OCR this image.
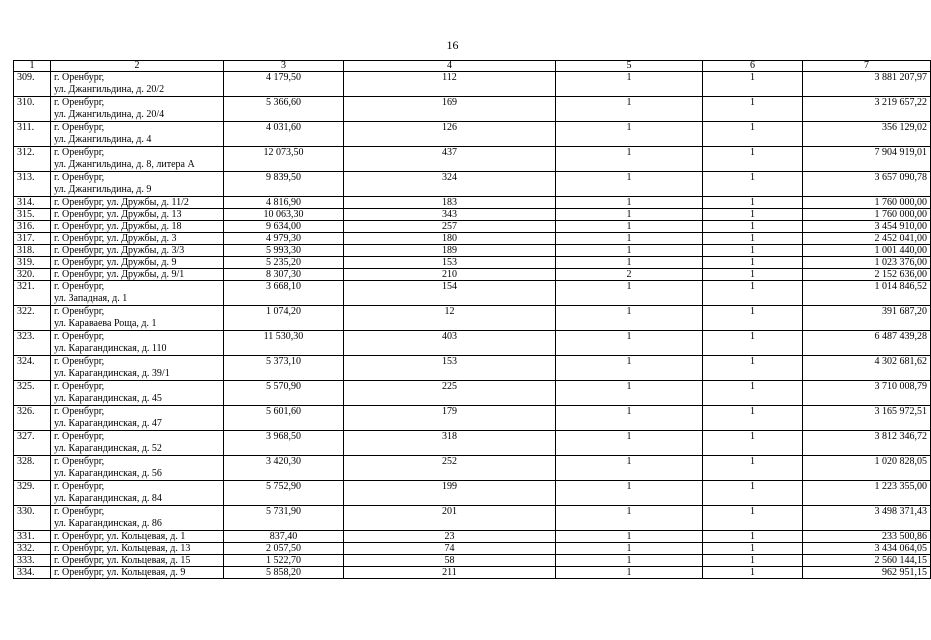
16
1	2	3	4	5	6	7
309.	г. Оренбург,
ул. Джангильдина, д. 20/2	4 179,50	112	1	1	3 881 207,97
310.	г. Оренбург,
ул. Джангильдина, д. 20/4	5 366,60	169	1	1	3 219 657,22
311.	г. Оренбург,
ул. Джангильдина, д. 4	4 031,60	126	1	1	356 129,02
312.	г. Оренбург,
ул. Джангильдина, д. 8, литера А	12 073,50	437	1	1	7 904 919,01
313.	г. Оренбург,
ул. Джангильдина, д. 9	9 839,50	324	1	1	3 657 090,78
314.	г. Оренбург, ул. Дружбы, д. 11/2	4 816,90	183	1	1	1 760 000,00
315.	г. Оренбург, ул. Дружбы, д. 13	10 063,30	343	1	1	1 760 000,00
316.	г. Оренбург, ул. Дружбы, д. 18	9 634,00	257	1	1	3 454 910,00
317.	г. Оренбург, ул. Дружбы, д. 3	4 979,30	180	1	1	2 452 041,00
318.	г. Оренбург, ул. Дружбы, д. 3/3	5 993,30	189	1	1	1 001 440,00
319.	г. Оренбург, ул. Дружбы, д. 9	5 235,20	153	1	1	1 023 376,00
320.	г. Оренбург, ул. Дружбы, д. 9/1	8 307,30	210	2	1	2 152 636,00
321.	г. Оренбург,
ул. Западная, д. 1	3 668,10	154	1	1	1 014 846,52
322.	г. Оренбург,
ул. Караваева Роща, д. 1	1 074,20	12	1	1	391 687,20
323.	г. Оренбург,
ул. Карагандинская, д. 110	11 530,30	403	1	1	6 487 439,28
324.	г. Оренбург,
ул. Карагандинская, д. 39/1	5 373,10	153	1	1	4 302 681,62
325.	г. Оренбург,
ул. Карагандинская, д. 45	5 570,90	225	1	1	3 710 008,79
326.	г. Оренбург,
ул. Карагандинская, д. 47	5 601,60	179	1	1	3 165 972,51
327.	г. Оренбург,
ул. Карагандинская, д. 52	3 968,50	318	1	1	3 812 346,72
328.	г. Оренбург,
ул. Карагандинская, д. 56	3 420,30	252	1	1	1 020 828,05
329.	г. Оренбург,
ул. Карагандинская, д. 84	5 752,90	199	1	1	1 223 355,00
330.	г. Оренбург,
ул. Карагандинская, д. 86	5 731,90	201	1	1	3 498 371,43
331.	г. Оренбург, ул. Кольцевая, д. 1	837,40	23	1	1	233 500,86
332.	г. Оренбург, ул. Кольцевая, д. 13	2 057,50	74	1	1	3 434 064,05
333.	г. Оренбург, ул. Кольцевая, д. 15	1 522,70	58	1	1	2 560 144,15
334.	г. Оренбург, ул. Кольцевая, д. 9	5 858,20	211	1	1	962 951,15
